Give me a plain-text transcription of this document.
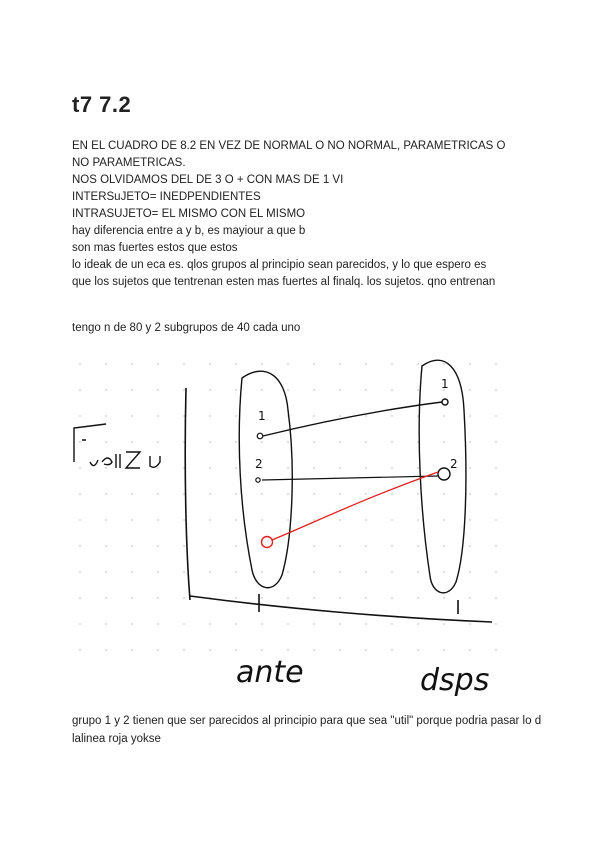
t7 7.2
EN EL CUADRO DE 8.2 EN VEZ DE NORMAL O NO NORMAL, PARAMETRICAS O
NO PARAMETRICAS.
NOS OLVIDAMOS DEL DE 3 O + CON MAS DE 1 VI
INTERSuJETO= INEDPENDIENTES
INTRASUJETO= EL MISMO CON EL MISMO
hay diferencia entre a y b, es mayiour a que b
son mas fuertes estos que estos
lo ideak de un eca es. qlos grupos al principio sean parecidos, y lo que espero es
que los sujetos que tentrenan esten mas fuertes al finalq. los sujetos. qno entrenan

tengo n de 80 y 2 subgrupos de 40 cada uno

1
2
1
2
ante	dsps

grupo 1 y 2 tienen que ser parecidos al principio para que sea "util" porque podria pasar lo d lalinea roja yokse
